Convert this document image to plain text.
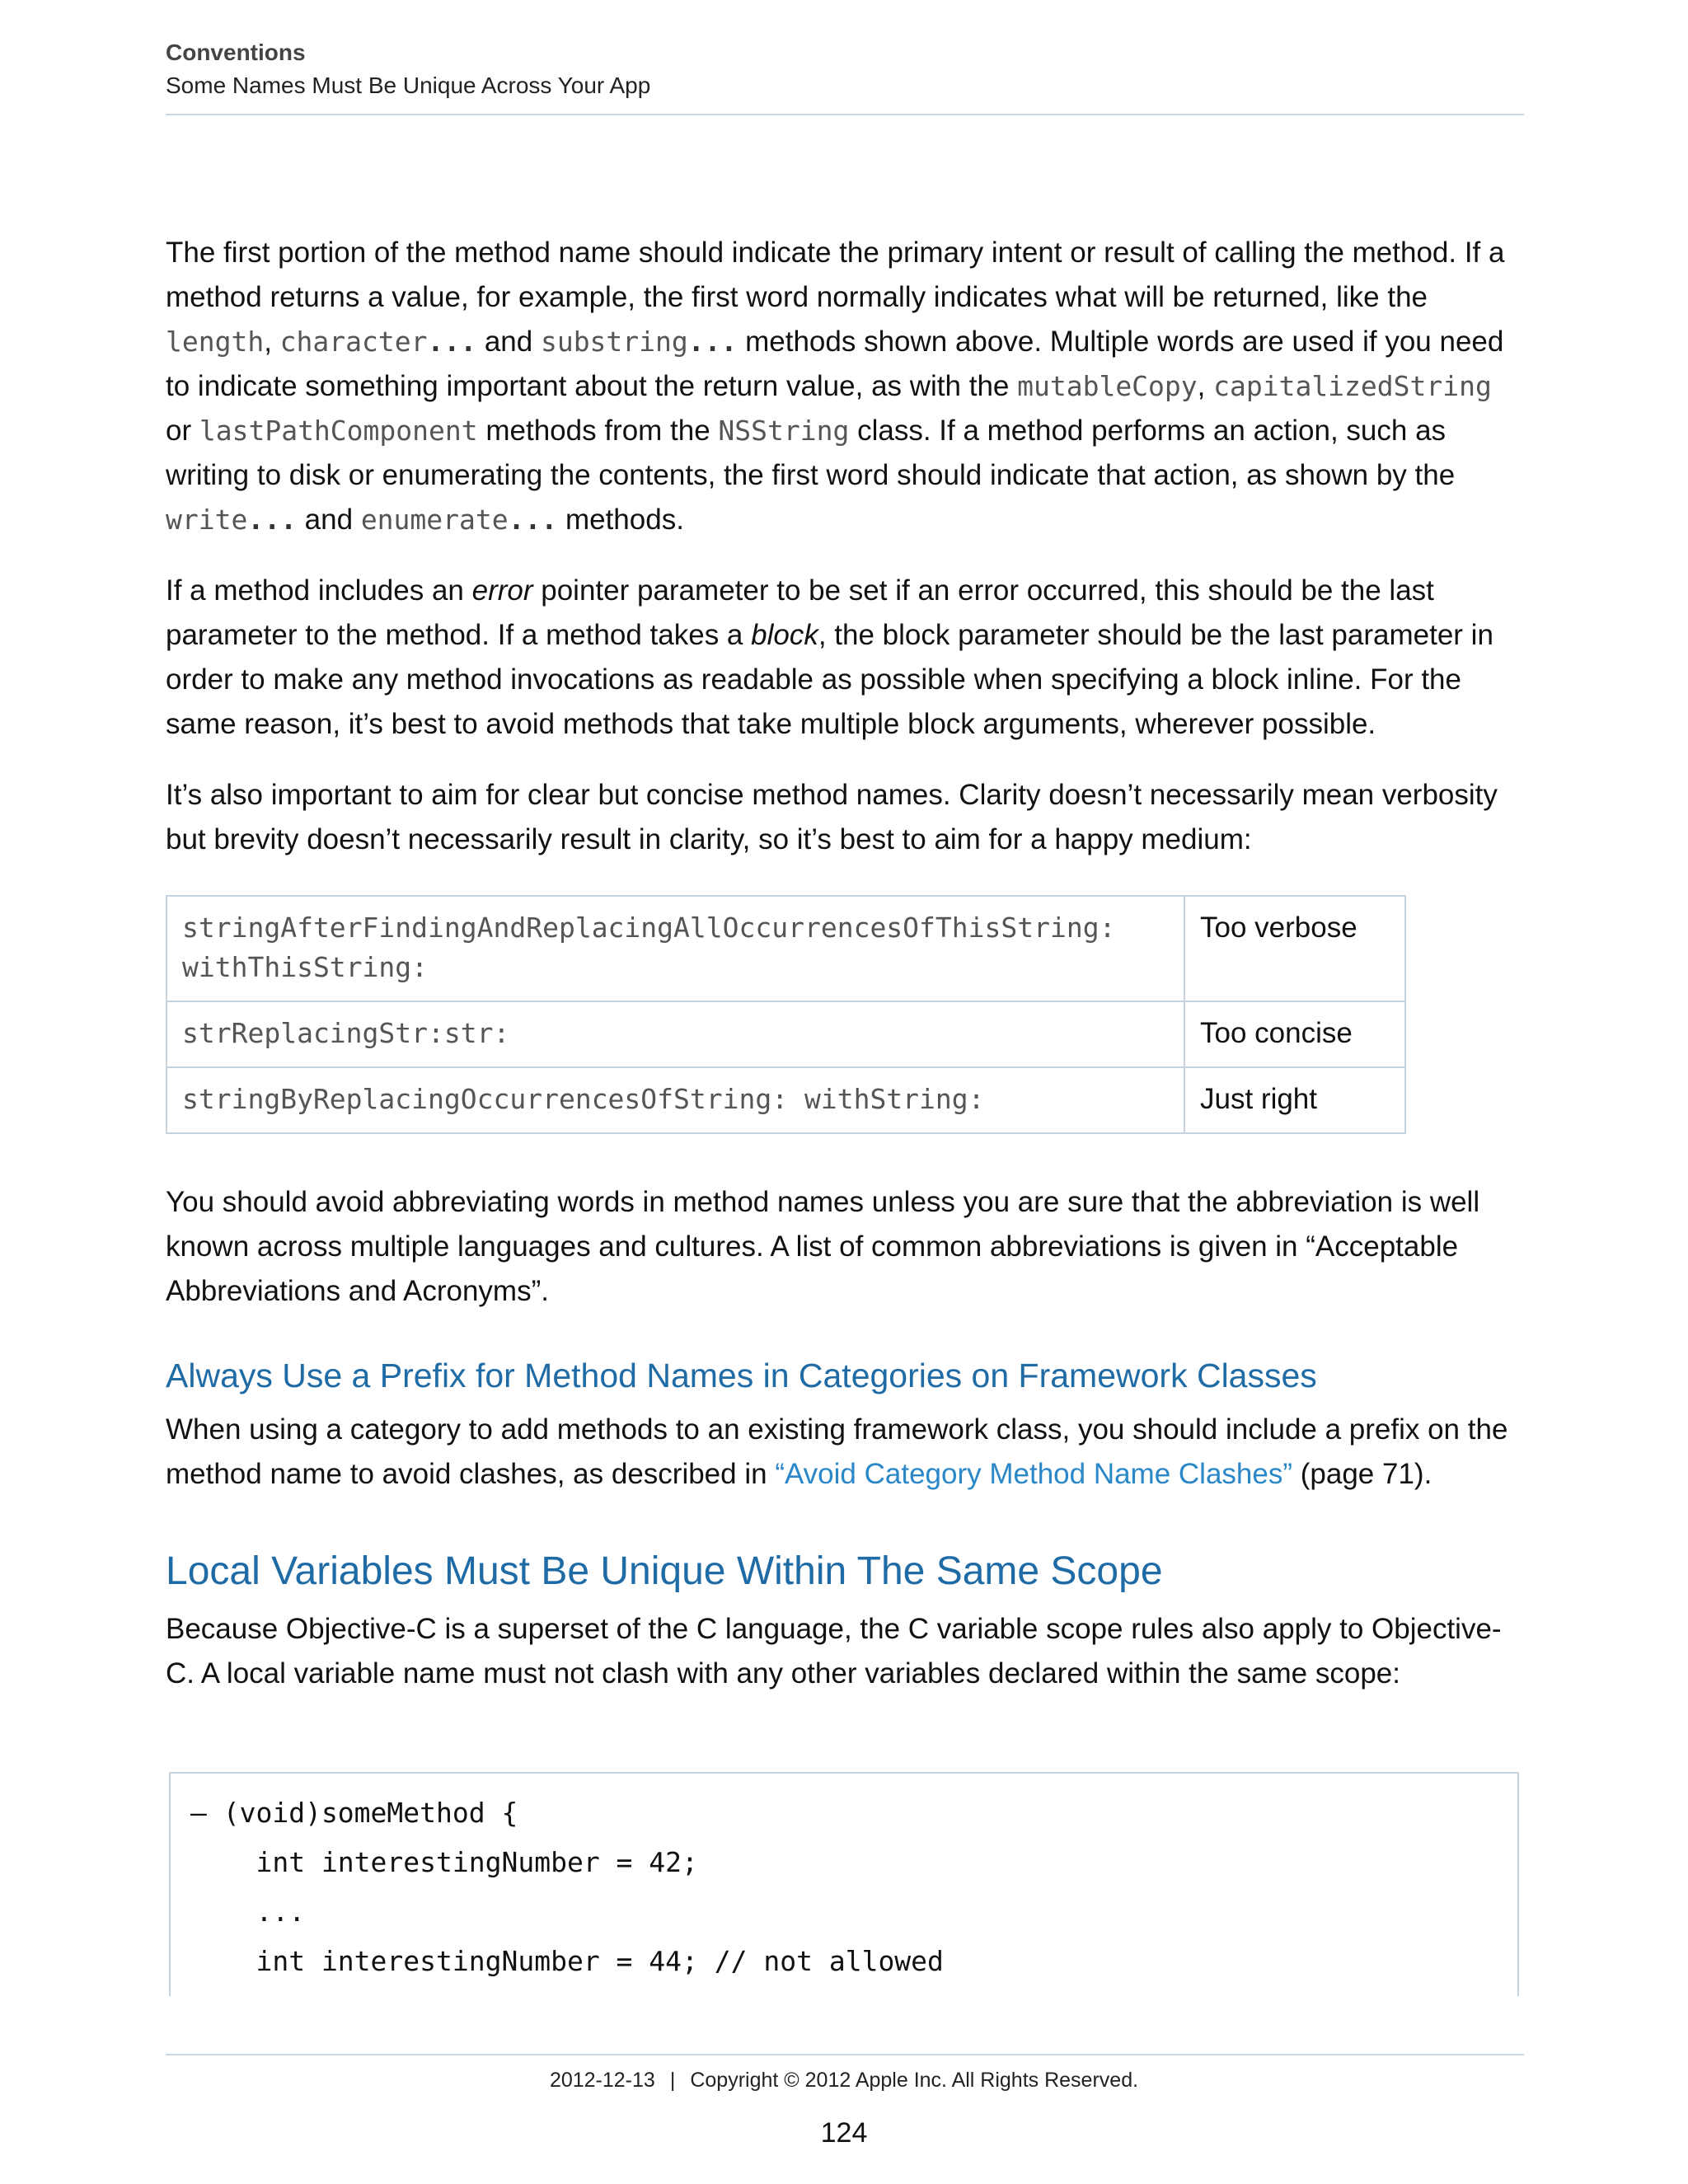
Conventions
Some Names Must Be Unique Across Your App

The first portion of the method name should indicate the primary intent or result of calling the method. If a method returns a value, for example, the first word normally indicates what will be returned, like the length, character... and substring... methods shown above. Multiple words are used if you need to indicate something important about the return value, as with the mutableCopy, capitalizedString or lastPathComponent methods from the NSString class. If a method performs an action, such as writing to disk or enumerating the contents, the first word should indicate that action, as shown by the write... and enumerate... methods.

If a method includes an error pointer parameter to be set if an error occurred, this should be the last parameter to the method. If a method takes a block, the block parameter should be the last parameter in order to make any method invocations as readable as possible when specifying a block inline. For the same reason, it’s best to avoid methods that take multiple block arguments, wherever possible.

It’s also important to aim for clear but concise method names. Clarity doesn’t necessarily mean verbosity but brevity doesn’t necessarily result in clarity, so it’s best to aim for a happy medium:

stringAfterFindingAndReplacingAllOccurrencesOfThisString:
withThisString:	Too verbose
strReplacingStr:str:	Too concise
stringByReplacingOccurrencesOfString: withString:	Just right

You should avoid abbreviating words in method names unless you are sure that the abbreviation is well known across multiple languages and cultures. A list of common abbreviations is given in “Acceptable Abbreviations and Acronyms”.

Always Use a Prefix for Method Names in Categories on Framework Classes

When using a category to add methods to an existing framework class, you should include a prefix on the method name to avoid clashes, as described in “Avoid Category Method Name Clashes” (page 71).

Local Variables Must Be Unique Within The Same Scope

Because Objective-C is a superset of the C language, the C variable scope rules also apply to Objective-C. A local variable name must not clash with any other variables declared within the same scope:

– (void)someMethod {
int interestingNumber = 42;
...
int interestingNumber = 44; // not allowed
2012-12-13 | Copyright © 2012 Apple Inc. All Rights Reserved.
124
